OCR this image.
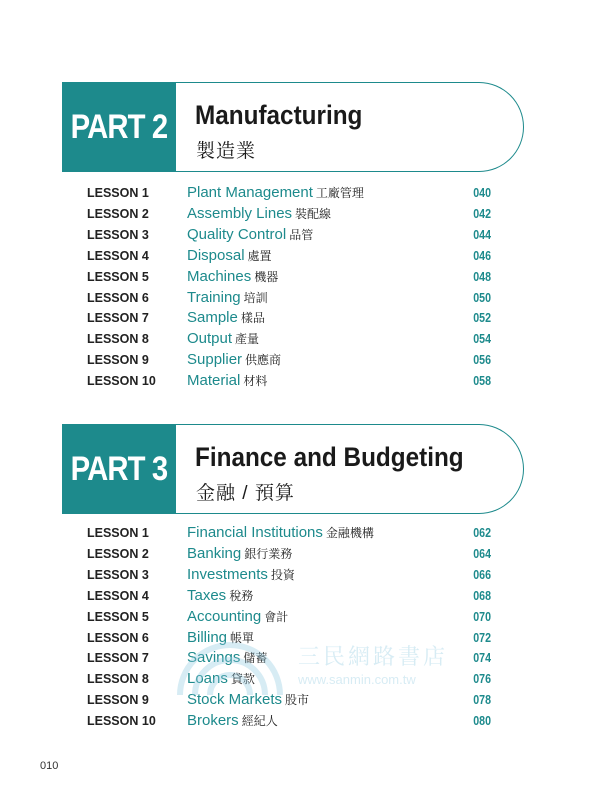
PART 2 Manufacturing
製造業
LESSON 1	Plant Management 工廠管理	040
LESSON 2	Assembly Lines 裝配線	042
LESSON 3	Quality Control 品管	044
LESSON 4	Disposal 處置	046
LESSON 5	Machines 機器	048
LESSON 6	Training 培訓	050
LESSON 7	Sample 樣品	052
LESSON 8	Output 產量	054
LESSON 9	Supplier 供應商	056
LESSON 10 Material 材料	058
PART 3 Finance and Budgeting
金融 / 預算
LESSON 1	Financial Institutions 金融機構	062
LESSON 2	Banking 銀行業務	064
LESSON 3	Investments 投資	066
LESSON 4	Taxes 稅務	068
LESSON 5	Accounting 會計	070
LESSON 6	Billing 帳單	072
LESSON 7	Savings 儲蓄	074
LESSON 8	Loans 貸款	076
LESSON 9	Stock Markets 股市	078
LESSON 10 Brokers 經紀人	080
三民網路書店
www.sanmin.com.tw
010
